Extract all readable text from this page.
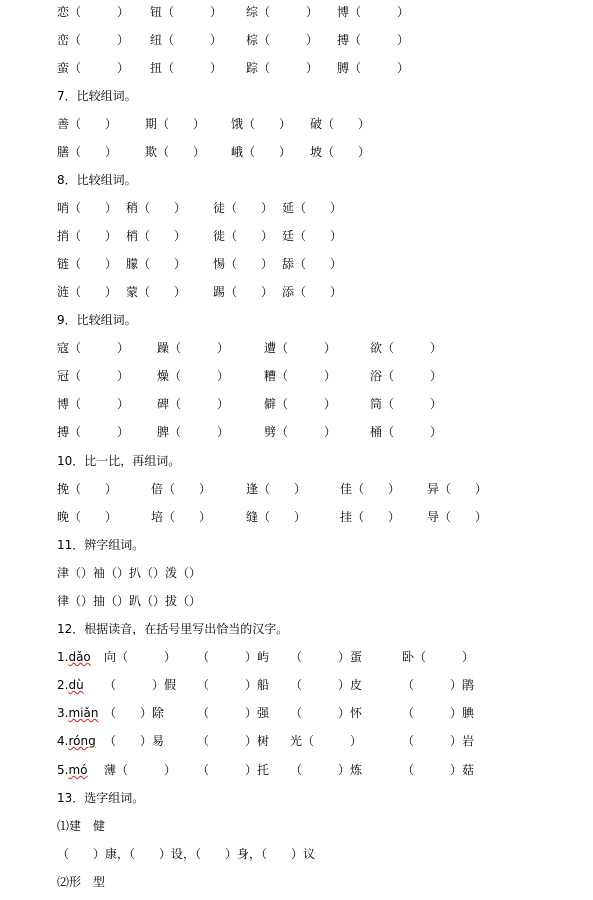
恋（　　　） 钮（　　　） 综（　　　） 博（　　　）
峦（　　　） 纽（　　　） 棕（　　　） 搏（　　　）
蛮（　　　） 扭（　　　） 踪（　　　） 膊（　　　）
7．比较组词。
善（　　） 期（　　） 饿（　　） 破（　　）
膳（　　） 欺（　　） 峨（　　） 坡（　　）
8．比较组词。
哨（　　） 稍（　　） 徒（　　） 延（　　）
捎（　　） 梢（　　） 徙（　　） 廷（　　）
链（　　） 朦（　　） 惕（　　） 舔（　　）
涟（　　） 蒙（　　） 踢（　　） 添（　　）
9．比较组词。
寇（　　　） 躁（　　　）	遭（　　　）	欲（　　　）
冠（　　　） 燥（　　　）	糟（　　　）	浴（　　　）
博（　　　） 碑（　　　）	僻（　　　）	筒（　　　）
搏（　　　） 脾（　　　）	劈（　　　）	桶（　　　）
10．比一比，再组词。
挽（　　）	倍（　　）	逢（　　）	佳（　　） 异（　　）
晚（　　）	培（　　）	缝（　　）	挂（　　） 导（　　）
11．辨字组词。
津（）袖（）扒（）泼（）
律（）抽（）趴（）拔（）
12．根据读音，在括号里写出恰当的汉字。
1.dǎo 向（　　　） （　　　）屿 （　　　）蛋	卧（　　　）
2.dù （　　　）假 （　　　）船 （　　　）皮	（　　　）鹃
3.miǎn （　　）除	（　　　）强 （　　　）怀	（　　　）腆
4.róng （　　）易	（　　　）树 光（　　　）	（　　　）岩
5.mó 薄（　　　） （　　　）托 （　　　）炼	（　　　）菇
13．选字组词。
⑴建　健
（　　）康，（　　）设，（　　）身，（　　）议
⑵形　型
